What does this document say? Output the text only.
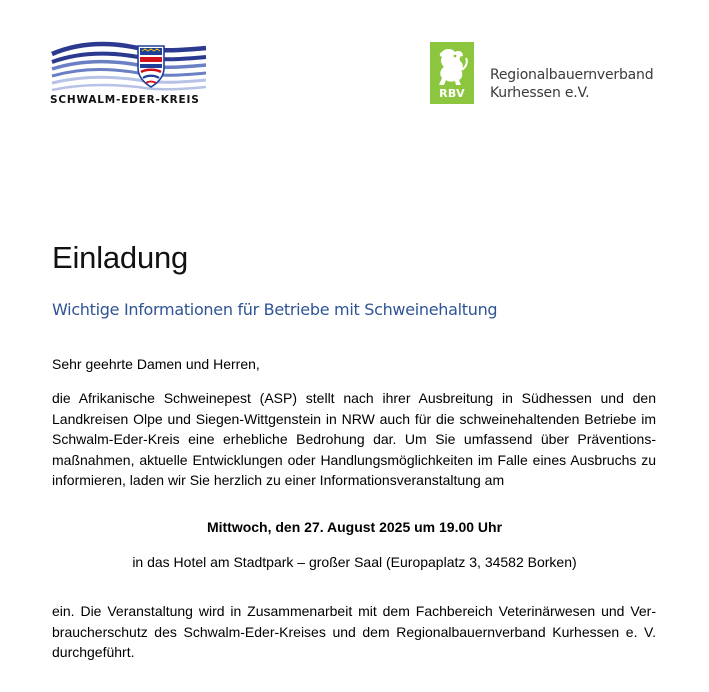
SCHWALM-EDER-KREIS	RBV
Regionalbauernverband
Kurhessen e.V.
Einladung

Wichtige Informationen für Betriebe mit Schweinehaltung

Sehr geehrte Damen und Herren,
die Afrikanische Schweinepest (ASP) stellt nach ihrer Ausbreitung in Südhessen und den Landkreisen Olpe und Siegen-Wittgenstein in NRW auch für die schweinehaltenden Betriebe im Schwalm-Eder-Kreis eine erhebliche Bedrohung dar. Um Sie umfassend über Präventionsmaßnahmen, aktuelle Entwicklungen oder Handlungsmöglichkeiten im Falle eines Ausbruchs zu informieren, laden wir Sie herzlich zu einer Informationsveranstaltung am
Mittwoch, den 27. August 2025 um 19.00 Uhr
in das Hotel am Stadtpark – großer Saal (Europaplatz 3, 34582 Borken)
ein. Die Veranstaltung wird in Zusammenarbeit mit dem Fachbereich Veterinärwesen und Verbraucherschutz des Schwalm-Eder-Kreises und dem Regionalbauernverband Kurhessen e. V. durchgeführt.
